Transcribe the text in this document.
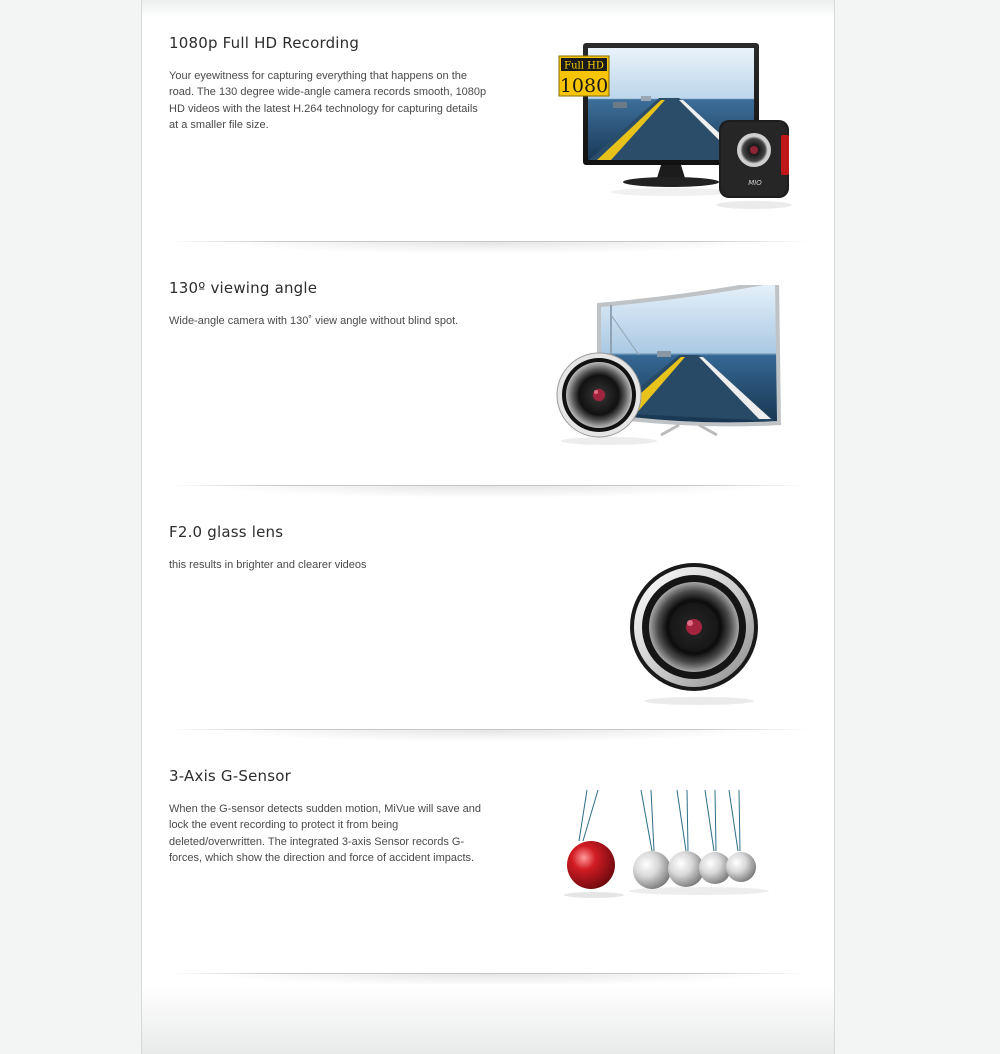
1080p Full HD Recording

Your eyewitness for capturing everything that happens on the road. The 130 degree wide-angle camera records smooth, 1080p HD videos with the latest H.264 technology for capturing details at a smaller file size.

Full HD
1080
MIO
130º viewing angle

Wide-angle camera with 130˚ view angle without blind spot.

F2.0 glass lens

this results in brighter and clearer videos

3-Axis G-Sensor

When the G-sensor detects sudden motion, MiVue will save and lock the event recording to protect it from being deleted/overwritten. The integrated 3-axis Sensor records G-forces, which show the direction and force of accident impacts.
